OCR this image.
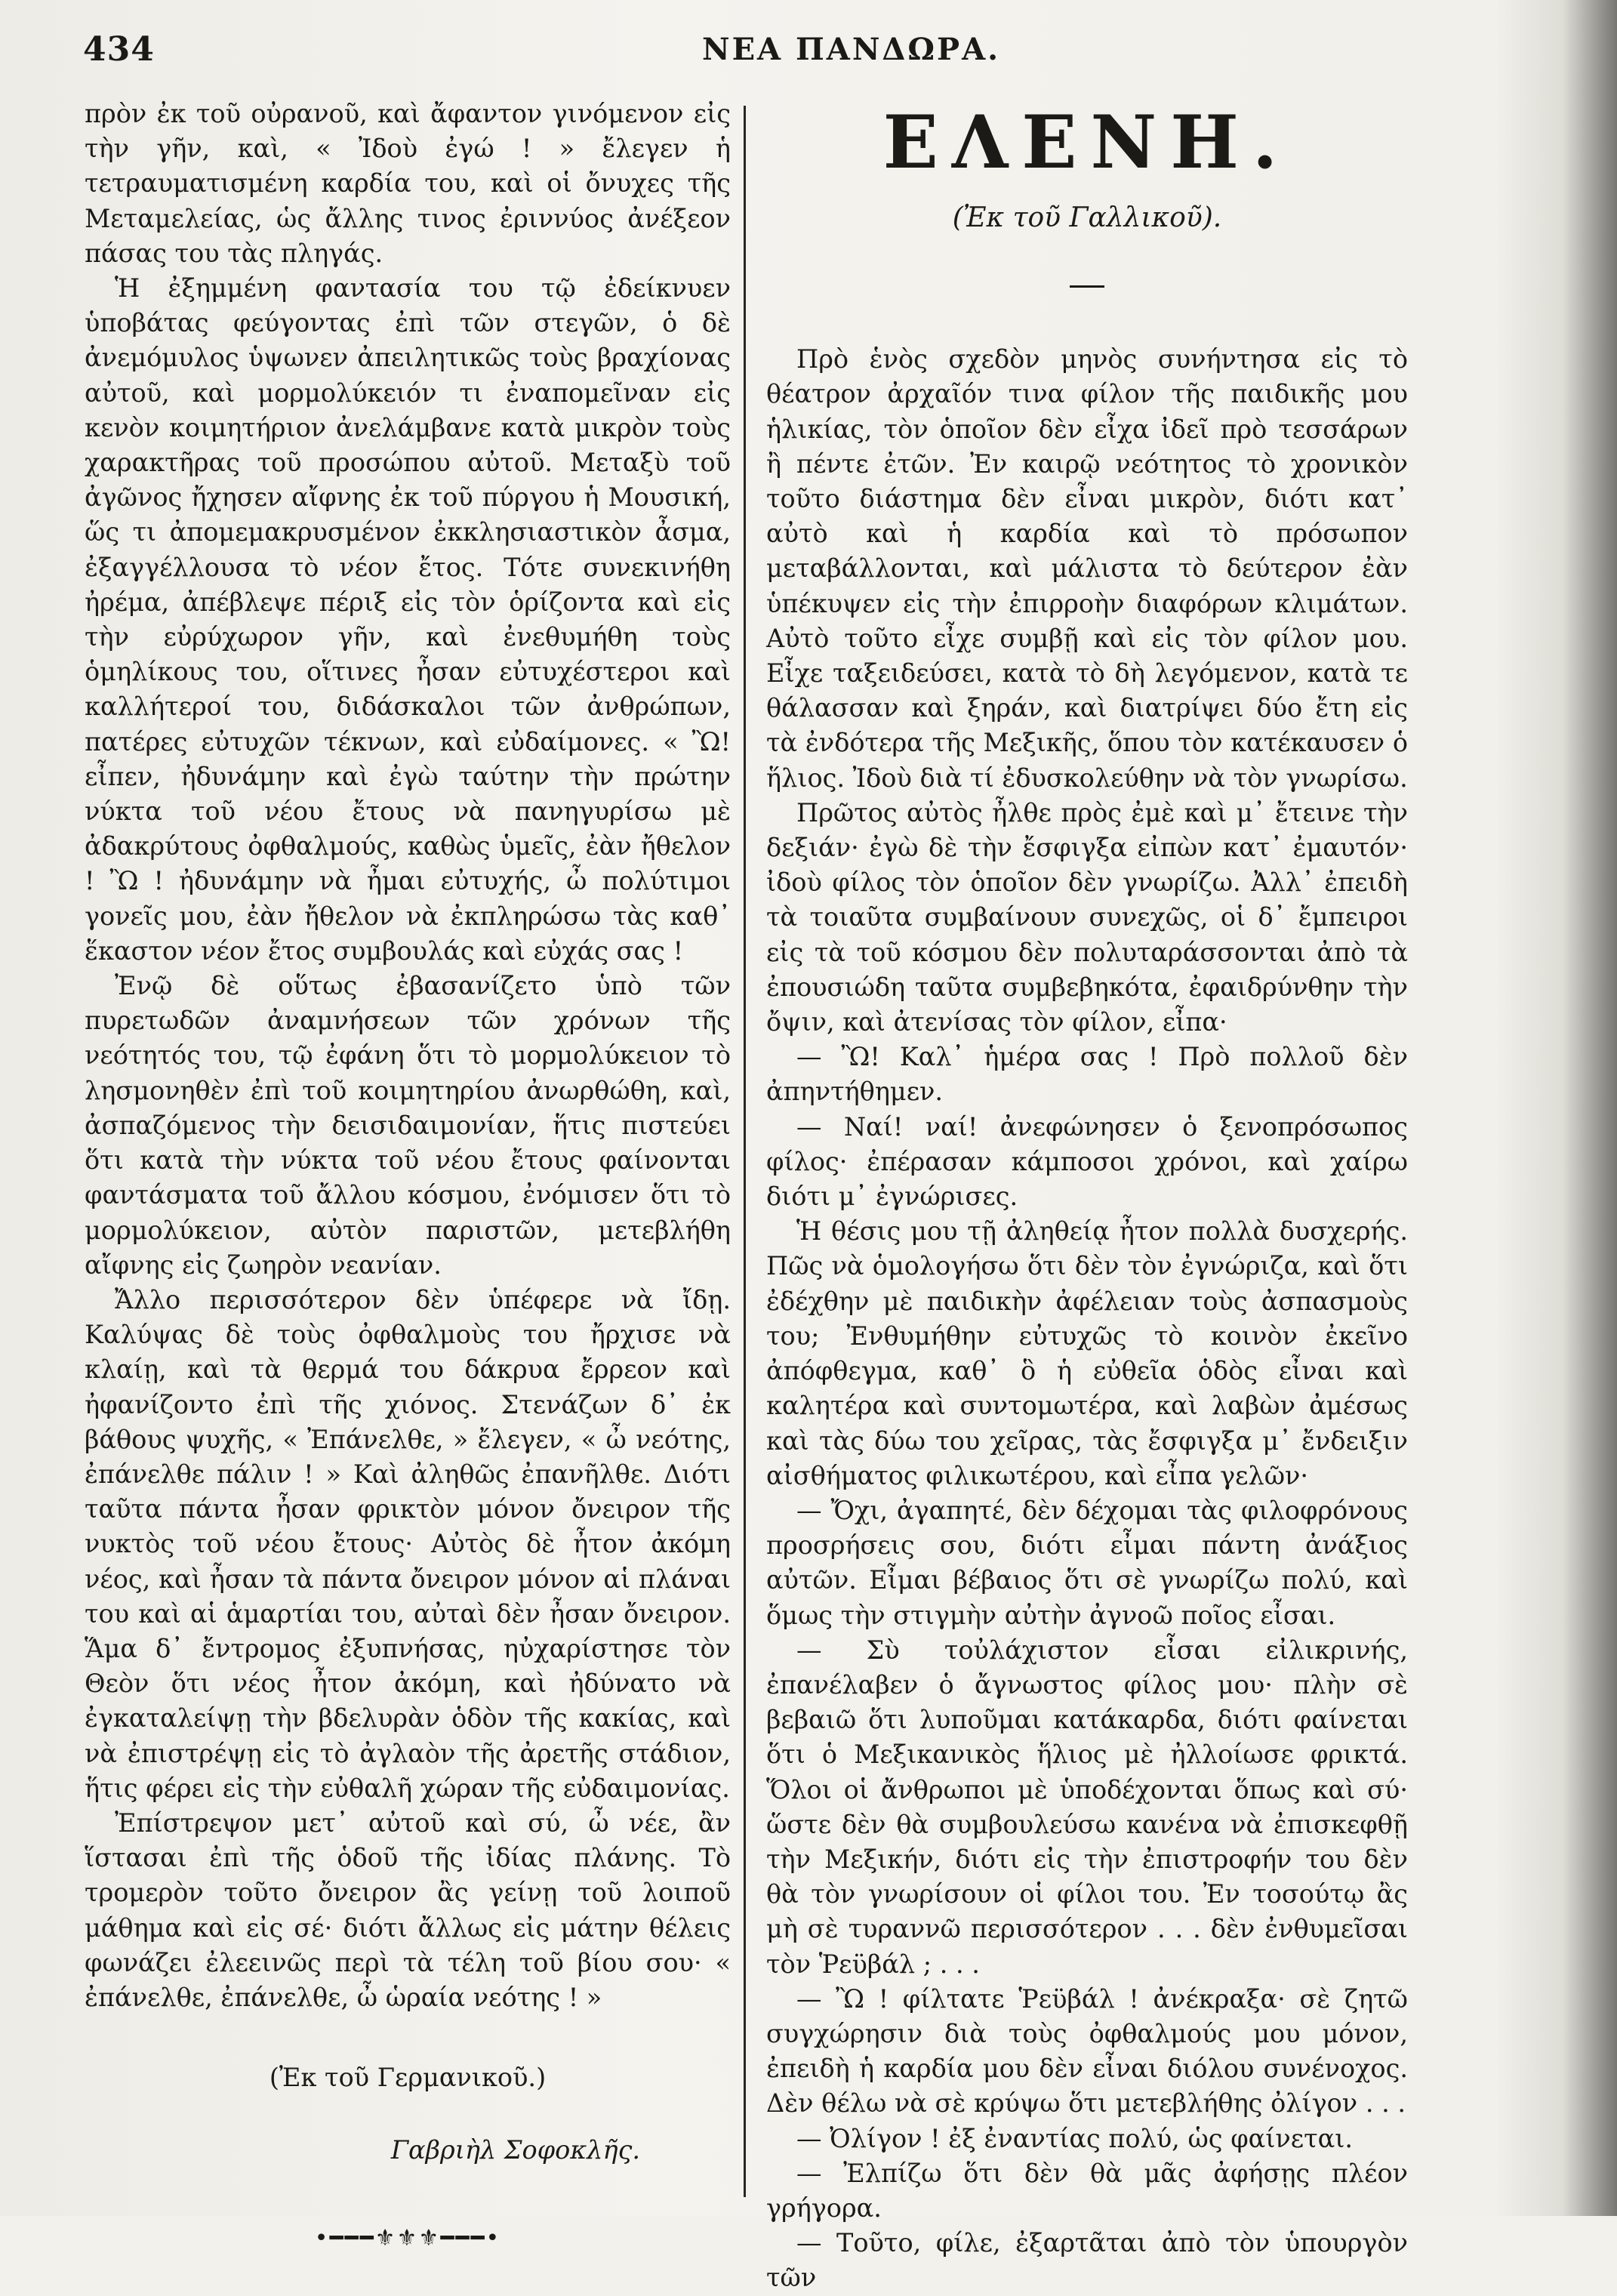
434	ΝΕΑ ΠΑΝΔΩΡΑ.

πρὸν ἐκ τοῦ οὐρανοῦ, καὶ ἄφαντον γινόμενον εἰς τὴν γῆν, καὶ, « Ἰδοὺ ἐγώ ! » ἔλεγεν ἡ τετραυματισμένη καρδία του, καὶ οἱ ὄνυχες τῆς Μεταμελείας, ὡς ἄλλης τινος ἐριννύος ἀνέξεον πάσας του τὰς πληγάς.

Ἡ ἐξημμένη φαντασία του τῷ ἐδείκνυεν ὑποβάτας φεύγοντας ἐπὶ τῶν στεγῶν, ὁ δὲ ἀνεμόμυλος ὑψωνεν ἀπειλητικῶς τοὺς βραχίονας αὐτοῦ, καὶ μορμολύκειόν τι ἐναπομεῖναν εἰς κενὸν κοιμητήριον ἀνελάμβανε κατὰ μικρὸν τοὺς χαρακτῆρας τοῦ προσώπου αὐτοῦ. Μεταξὺ τοῦ ἀγῶνος ἤχησεν αἴφνης ἐκ τοῦ πύργου ἡ Μουσική, ὥς τι ἀπομεμακρυσμένον ἐκκλησιαστικὸν ἆσμα, ἐξαγγέλλουσα τὸ νέον ἔτος. Τότε συνεκινήθη ἠρέμα, ἀπέβλεψε πέριξ εἰς τὸν ὁρίζοντα καὶ εἰς τὴν εὐρύχωρον γῆν, καὶ ἐνεθυμήθη τοὺς ὁμηλίκους του, οἵτινες ἦσαν εὐτυχέστεροι καὶ καλλήτεροί του, διδάσκαλοι τῶν ἀνθρώπων, πατέρες εὐτυχῶν τέκνων, καὶ εὐδαίμονες. « Ὢ! εἶπεν, ἠδυνάμην καὶ ἐγὼ ταύτην τὴν πρώτην νύκτα τοῦ νέου ἔτους νὰ πανηγυρίσω μὲ ἀδακρύτους ὀφθαλμούς, καθὼς ὑμεῖς, ἐὰν ἤθελον ! Ὢ ! ἠδυνάμην νὰ ἦμαι εὐτυχής, ὦ πολύτιμοι γονεῖς μου, ἐὰν ἤθελον νὰ ἐκπληρώσω τὰς καθ᾽ ἕκαστον νέον ἔτος συμβουλάς καὶ εὐχάς σας !

Ἐνῷ δὲ οὕτως ἐβασανίζετο ὑπὸ τῶν πυρετωδῶν ἀναμνήσεων τῶν χρόνων τῆς νεότητός του, τῷ ἐφάνη ὅτι τὸ μορμολύκειον τὸ λησμονηθὲν ἐπὶ τοῦ κοιμητηρίου ἀνωρθώθη, καὶ, ἀσπαζόμενος τὴν δεισιδαιμονίαν, ἥτις πιστεύει ὅτι κατὰ τὴν νύκτα τοῦ νέου ἔτους φαίνονται φαντάσματα τοῦ ἄλλου κόσμου, ἐνόμισεν ὅτι τὸ μορμολύκειον, αὐτὸν παριστῶν, μετεβλήθη αἴφνης εἰς ζωηρὸν νεανίαν.

Ἄλλο περισσότερον δὲν ὑπέφερε νὰ ἴδῃ. Καλύψας δὲ τοὺς ὀφθαλμοὺς του ἤρχισε νὰ κλαίῃ, καὶ τὰ θερμά του δάκρυα ἔρρεον καὶ ἠφανίζοντο ἐπὶ τῆς χιόνος. Στενάζων δ᾽ ἐκ βάθους ψυχῆς, « Ἐπάνελθε, » ἔλεγεν, « ὦ νεότης, ἐπάνελθε πάλιν ! » Καὶ ἀληθῶς ἐπανῆλθε. Διότι ταῦτα πάντα ἦσαν φρικτὸν μόνον ὄνειρον τῆς νυκτὸς τοῦ νέου ἔτους· Αὐτὸς δὲ ἦτον ἀκόμη νέος, καὶ ἦσαν τὰ πάντα ὄνειρον μόνον αἱ πλάναι του καὶ αἱ ἁμαρτίαι του, αὐταὶ δὲν ἦσαν ὄνειρον. Ἅμα δ᾽ ἔντρομος ἐξυπνήσας, ηὐχαρίστησε τὸν Θεὸν ὅτι νέος ἦτον ἀκόμη, καὶ ἠδύνατο νὰ ἐγκαταλείψῃ τὴν βδελυρὰν ὁδὸν τῆς κακίας, καὶ νὰ ἐπιστρέψῃ εἰς τὸ ἀγλαὸν τῆς ἀρετῆς στάδιον, ἥτις φέρει εἰς τὴν εὐθαλῆ χώραν τῆς εὐδαιμονίας.

Ἐπίστρεψον μετ᾽ αὐτοῦ καὶ σύ, ὦ νέε, ἂν ἵστασαι ἐπὶ τῆς ὁδοῦ τῆς ἰδίας πλάνης. Τὸ τρομερὸν τοῦτο ὄνειρον ἂς γείνῃ τοῦ λοιποῦ μάθημα καὶ εἰς σέ· διότι ἄλλως εἰς μάτην θέλεις φωνάζει ἐλεεινῶς περὶ τὰ τέλη τοῦ βίου σου· « ἐπάνελθε, ἐπάνελθε, ὦ ὡραία νεότης ! »

(Ἐκ τοῦ Γερμανικοῦ.)

Γαβριὴλ Σοφοκλῆς.

•━━━⚜⚜⚜━━━•

ΕΛΕΝΗ.

(Ἐκ τοῦ Γαλλικοῦ).

Πρὸ ἑνὸς σχεδὸν μηνὸς συνήντησα εἰς τὸ θέατρον ἀρχαῖόν τινα φίλον τῆς παιδικῆς μου ἡλικίας, τὸν ὁποῖον δὲν εἶχα ἰδεῖ πρὸ τεσσάρων ἢ πέντε ἐτῶν. Ἐν καιρῷ νεότητος τὸ χρονικὸν τοῦτο διάστημα δὲν εἶναι μικρὸν, διότι κατ᾽ αὐτὸ καὶ ἡ καρδία καὶ τὸ πρόσωπον μεταβάλλονται, καὶ μάλιστα τὸ δεύτερον ἐὰν ὑπέκυψεν εἰς τὴν ἐπιρροὴν διαφόρων κλιμάτων. Αὐτὸ τοῦτο εἶχε συμβῇ καὶ εἰς τὸν φίλον μου. Εἶχε ταξειδεύσει, κατὰ τὸ δὴ λεγόμενον, κατὰ τε θάλασσαν καὶ ξηράν, καὶ διατρίψει δύο ἔτη εἰς τὰ ἐνδότερα τῆς Μεξικῆς, ὅπου τὸν κατέκαυσεν ὁ ἥλιος. Ἰδοὺ διὰ τί ἐδυσκολεύθην νὰ τὸν γνωρίσω.

Πρῶτος αὐτὸς ἦλθε πρὸς ἐμὲ καὶ μ᾽ ἔτεινε τὴν δεξιάν· ἐγὼ δὲ τὴν ἔσφιγξα εἰπὼν κατ᾽ ἐμαυτόν· ἰδοὺ φίλος τὸν ὁποῖον δὲν γνωρίζω. Ἀλλ᾽ ἐπειδὴ τὰ τοιαῦτα συμβαίνουν συνεχῶς, οἱ δ᾽ ἔμπειροι εἰς τὰ τοῦ κόσμου δὲν πολυταράσσονται ἀπὸ τὰ ἐπουσιώδη ταῦτα συμβεβηκότα, ἐφαιδρύνθην τὴν ὄψιν, καὶ ἀτενίσας τὸν φίλον, εἶπα·

— Ὢ! Καλ᾽ ἡμέρα σας ! Πρὸ πολλοῦ δὲν ἀπηντήθημεν.

— Ναί! ναί! ἀνεφώνησεν ὁ ξενοπρόσωπος φίλος· ἐπέρασαν κάμποσοι χρόνοι, καὶ χαίρω διότι μ᾽ ἐγνώρισες.

Ἡ θέσις μου τῇ ἀληθείᾳ ἦτον πολλὰ δυσχερής. Πῶς νὰ ὁμολογήσω ὅτι δὲν τὸν ἐγνώριζα, καὶ ὅτι ἐδέχθην μὲ παιδικὴν ἀφέλειαν τοὺς ἀσπασμοὺς του; Ἐνθυμήθην εὐτυχῶς τὸ κοινὸν ἐκεῖνο ἀπόφθεγμα, καθ᾽ ὃ ἡ εὐθεῖα ὁδὸς εἶναι καὶ καλητέρα καὶ συντομωτέρα, καὶ λαβὼν ἀμέσως καὶ τὰς δύω του χεῖρας, τὰς ἔσφιγξα μ᾽ ἔνδειξιν αἰσθήματος φιλικωτέρου, καὶ εἶπα γελῶν·

— Ὄχι, ἀγαπητέ, δὲν δέχομαι τὰς φιλοφρόνους προσρήσεις σου, διότι εἶμαι πάντη ἀνάξιος αὐτῶν. Εἶμαι βέβαιος ὅτι σὲ γνωρίζω πολύ, καὶ ὅμως τὴν στιγμὴν αὐτὴν ἀγνοῶ ποῖος εἶσαι.

— Σὺ τοὐλάχιστον εἶσαι εἰλικρινής, ἐπανέλαβεν ὁ ἄγνωστος φίλος μου· πλὴν σὲ βεβαιῶ ὅτι λυποῦμαι κατάκαρδα, διότι φαίνεται ὅτι ὁ Μεξικανικὸς ἥλιος μὲ ἠλλοίωσε φρικτά. Ὅλοι οἱ ἄνθρωποι μὲ ὑποδέχονται ὅπως καὶ σύ· ὥστε δὲν θὰ συμβουλεύσω κανένα νὰ ἐπισκεφθῇ τὴν Μεξικήν, διότι εἰς τὴν ἐπιστροφήν του δὲν θὰ τὸν γνωρίσουν οἱ φίλοι του. Ἐν τοσούτῳ ἂς μὴ σὲ τυραννῶ περισσότερον . . . δὲν ἐνθυμεῖσαι τὸν Ῥεϋβάλ ; . . .

— Ὢ ! φίλτατε Ῥεϋβάλ ! ἀνέκραξα· σὲ ζητῶ συγχώρησιν διὰ τοὺς ὀφθαλμούς μου μόνον, ἐπειδὴ ἡ καρδία μου δὲν εἶναι διόλου συνένοχος. Δὲν θέλω νὰ σὲ κρύψω ὅτι μετεβλήθης ὀλίγον . . .

— Ὀλίγον ! ἐξ ἐναντίας πολύ, ὡς φαίνεται.

— Ἐλπίζω ὅτι δὲν θὰ μᾶς ἀφήσῃς πλέον γρήγορα.

— Τοῦτο, φίλε, ἐξαρτᾶται ἀπὸ τὸν ὑπουργὸν τῶν
